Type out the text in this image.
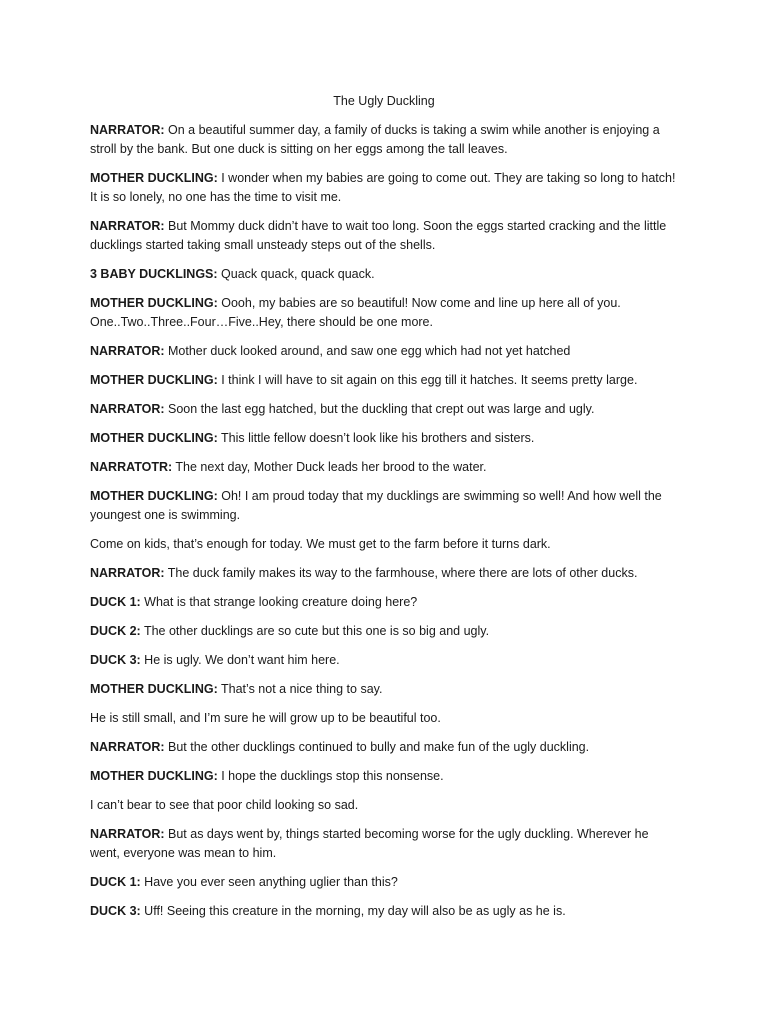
The Ugly Duckling

NARRATOR: On a beautiful summer day, a family of ducks is taking a swim while another is enjoying a stroll by the bank. But one duck is sitting on her eggs among the tall leaves.

MOTHER DUCKLING: I wonder when my babies are going to come out. They are taking so long to hatch! It is so lonely, no one has the time to visit me.

NARRATOR: But Mommy duck didn’t have to wait too long. Soon the eggs started cracking and the little ducklings started taking small unsteady steps out of the shells.

3 BABY DUCKLINGS: Quack quack, quack quack.

MOTHER DUCKLING: Oooh, my babies are so beautiful! Now come and line up here all of you. One..Two..Three..Four…Five..Hey, there should be one more.

NARRATOR: Mother duck looked around, and saw one egg which had not yet hatched

MOTHER DUCKLING: I think I will have to sit again on this egg till it hatches. It seems pretty large.

NARRATOR: Soon the last egg hatched, but the duckling that crept out was large and ugly.

MOTHER DUCKLING: This little fellow doesn’t look like his brothers and sisters.

NARRATOTR: The next day, Mother Duck leads her brood to the water.

MOTHER DUCKLING: Oh! I am proud today that my ducklings are swimming so well! And how well the youngest one is swimming.

Come on kids, that’s enough for today. We must get to the farm before it turns dark.

NARRATOR: The duck family makes its way to the farmhouse, where there are lots of other ducks.

DUCK 1: What is that strange looking creature doing here?

DUCK 2: The other ducklings are so cute but this one is so big and ugly.

DUCK 3: He is ugly. We don’t want him here.

MOTHER DUCKLING: That’s not a nice thing to say.

He is still small, and I’m sure he will grow up to be beautiful too.

NARRATOR: But the other ducklings continued to bully and make fun of the ugly duckling.

MOTHER DUCKLING: I hope the ducklings stop this nonsense.

I can’t bear to see that poor child looking so sad.

NARRATOR: But as days went by, things started becoming worse for the ugly duckling. Wherever he went, everyone was mean to him.

DUCK 1: Have you ever seen anything uglier than this?

DUCK 3: Uff! Seeing this creature in the morning, my day will also be as ugly as he is.
